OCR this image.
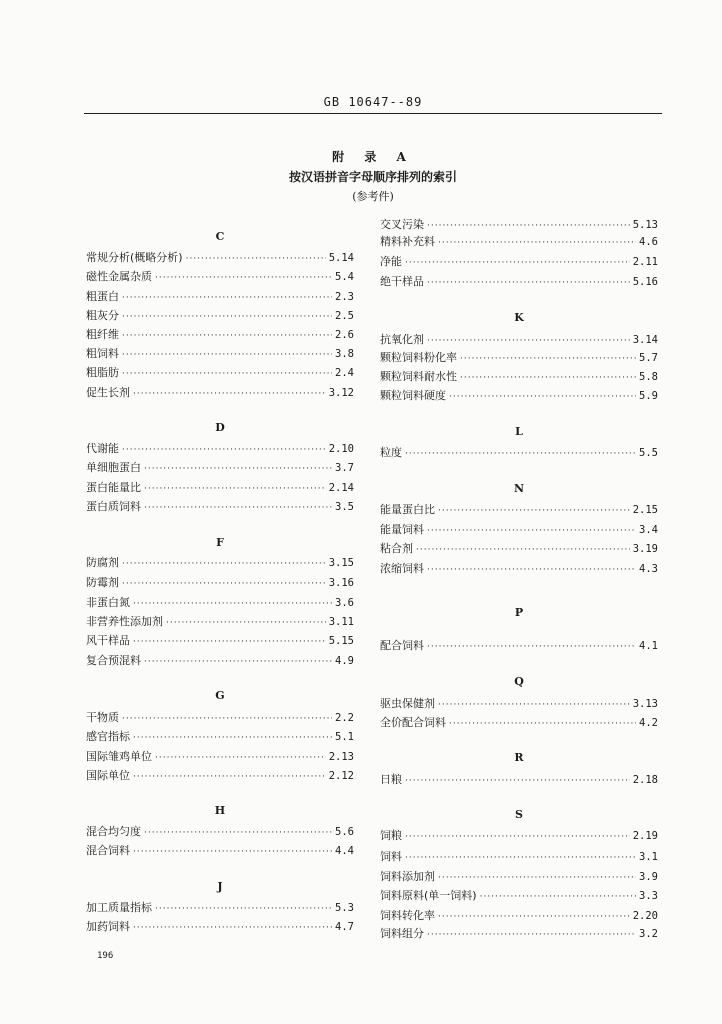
GB 10647--89
附 录 A
按汉语拼音字母顺序排列的索引
(参考件)
C
常规分析(概略分析) ·····	5.14
磁性金属杂质 ·····	5.4
粗蛋白 ·····	2.3
粗灰分 ·····	2.5
粗纤维 ·····	2.6
粗饲料 ·····	3.8
粗脂肪 ·····	2.4
促生长剂 ·····	3.12
D
代谢能 ·····	2.10
单细胞蛋白 ·····	3.7
蛋白能量比 ·····	2.14
蛋白质饲料 ·····	3.5
F
防腐剂 ·····	3.15
防霉剂 ·····	3.16
非蛋白氮 ·····	3.6
非营养性添加剂 ·····	3.11
风干样品 ·····	5.15
复合预混料 ·····	4.9
G
干物质 ·····	2.2
感官指标 ·····	5.1
国际雏鸡单位 ·····	2.13
国际单位 ·····	2.12
H
混合均匀度 ·····	5.6
混合饲料 ·····	4.4
J
加工质量指标 ·····	5.3
加药饲料 ·····	4.7
交叉污染 ·····	5.13
精料补充料 ·····	4.6
净能 ·····	2.11
绝干样品 ·····	5.16
K
抗氧化剂 ·····	3.14
颗粒饲料粉化率 ·····	5.7
颗粒饲料耐水性 ·····	5.8
颗粒饲料硬度 ·····	5.9
L
粒度 ·····	5.5
N
能量蛋白比 ·····	2.15
能量饲料 ·····	3.4
粘合剂 ·····	3.19
浓缩饲料 ·····	4.3
P
配合饲料 ·····	4.1
Q
驱虫保健剂 ·····	3.13
全价配合饲料 ·····	4.2
R
日粮 ·····	2.18
S
饲粮 ·····	2.19
饲料 ·····	3.1
饲料添加剂 ·····	3.9
饲料原料(单一饲料) ·····	3.3
饲料转化率 ·····	2.20
饲料组分 ·····	3.2
196
